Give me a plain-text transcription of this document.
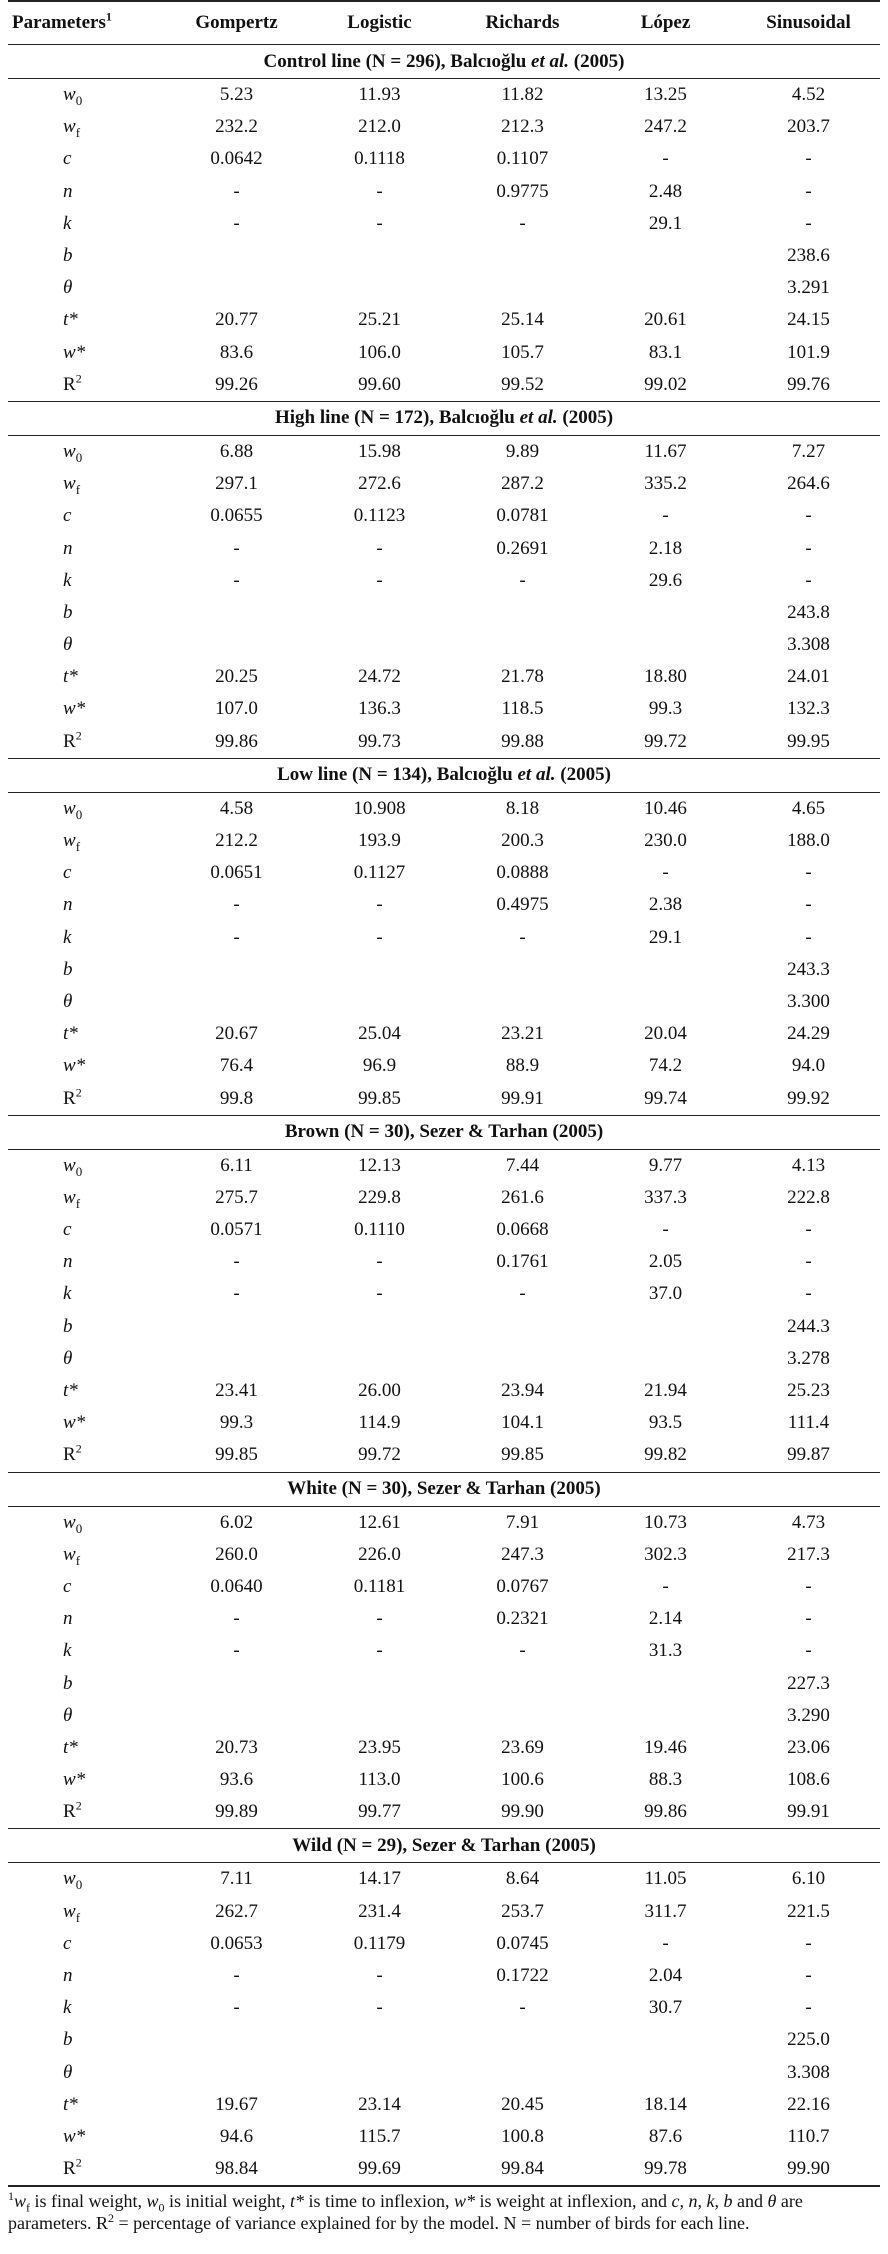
Parameters$^1$	Gompertz	Logistic	Richards	López	Sinusoidal
Control line (N = 296), Balcıoğlu et al. (2005)					
$w_0$	5.23	11.93	11.82	13.25	4.52
$w_f$	232.2	212.0	212.3	247.2	203.7
c	0.0642	0.1118	0.1107	-	-
n	-	-	0.9775	2.48	-
k	-	-	-	29.1	-
b					238.6
θ					3.291
t*	20.77	25.21	25.14	20.61	24.15
w*	83.6	106.0	105.7	83.1	101.9
$R^2$	99.26	99.60	99.52	99.02	99.76
High line (N = 172), Balcıoğlu et al. (2005)					
$w_0$	6.88	15.98	9.89	11.67	7.27
$w_f$	297.1	272.6	287.2	335.2	264.6
c	0.0655	0.1123	0.0781	-	-
n	-	-	0.2691	2.18	-
k	-	-	-	29.6	-
b					243.8
θ					3.308
t*	20.25	24.72	21.78	18.80	24.01
w*	107.0	136.3	118.5	99.3	132.3
$R^2$	99.86	99.73	99.88	99.72	99.95
Low line (N = 134), Balcıoğlu et al. (2005)					
$w_0$	4.58	10.908	8.18	10.46	4.65
$w_f$	212.2	193.9	200.3	230.0	188.0
c	0.0651	0.1127	0.0888	-	-
n	-	-	0.4975	2.38	-
k	-	-	-	29.1	-
b					243.3
θ					3.300
t*	20.67	25.04	23.21	20.04	24.29
w*	76.4	96.9	88.9	74.2	94.0
$R^2$	99.8	99.85	99.91	99.74	99.92
Brown (N = 30), Sezer & Tarhan (2005)					
$w_0$	6.11	12.13	7.44	9.77	4.13
$w_f$	275.7	229.8	261.6	337.3	222.8
c	0.0571	0.1110	0.0668	-	-
n	-	-	0.1761	2.05	-
k	-	-	-	37.0	-
b					244.3
θ					3.278
t*	23.41	26.00	23.94	21.94	25.23
w*	99.3	114.9	104.1	93.5	111.4
$R^2$	99.85	99.72	99.85	99.82	99.87
White (N = 30), Sezer & Tarhan (2005)					
$w_0$	6.02	12.61	7.91	10.73	4.73
$w_f$	260.0	226.0	247.3	302.3	217.3
c	0.0640	0.1181	0.0767	-	-
n	-	-	0.2321	2.14	-
k	-	-	-	31.3	-
b					227.3
θ					3.290
t*	20.73	23.95	23.69	19.46	23.06
w*	93.6	113.0	100.6	88.3	108.6
$R^2$	99.89	99.77	99.90	99.86	99.91
Wild (N = 29), Sezer & Tarhan (2005)					
$w_0$	7.11	14.17	8.64	11.05	6.10
$w_f$	262.7	231.4	253.7	311.7	221.5
c	0.0653	0.1179	0.0745	-	-
n	-	-	0.1722	2.04	-
k	-	-	-	30.7	-
b					225.0
θ					3.308
t*	19.67	23.14	20.45	18.14	22.16
w*	94.6	115.7	100.8	87.6	110.7
$R^2$	98.84	99.69	99.84	99.78	99.90
$^1w_f$ is final weight, $w_0$ is initial weight, t* is time to inflexion, w* is weight at inflexion, and c, n, k, b and θ are parameters. $R^2$ = percentage of variance explained for by the model. N = number of birds for each line.
